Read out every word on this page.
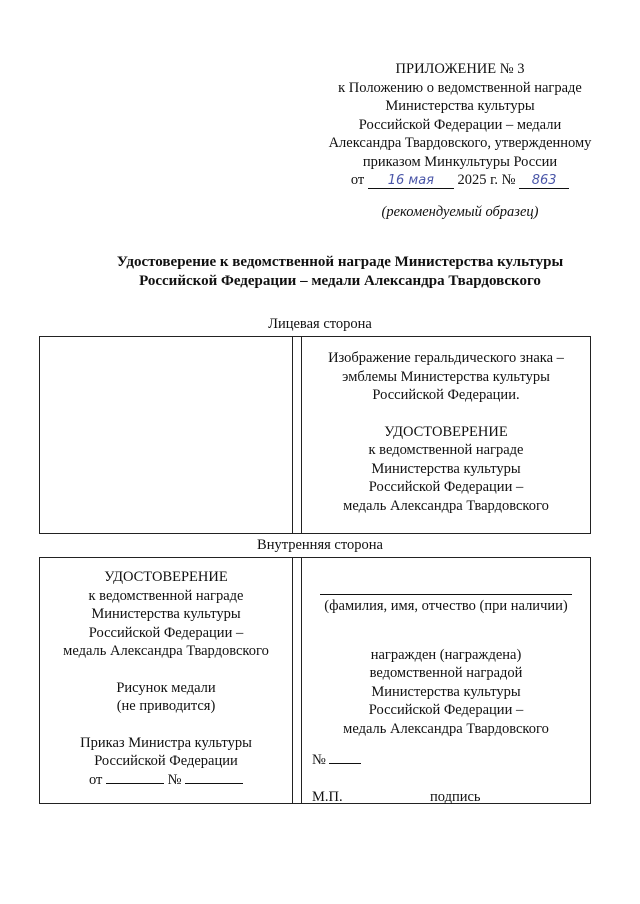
ПРИЛОЖЕНИЕ № 3
к Положению о ведомственной награде
Министерства культуры
Российской Федерации – медали
Александра Твардовского, утвержденному
приказом Минкультуры России
от 16 мая 2025 г. № 863
(рекомендуемый образец)
Удостоверение к ведомственной награде Министерства культуры
Российской Федерации – медали Александра Твардовского
Лицевая сторона
Изображение геральдического знака –
эмблемы Министерства культуры
Российской Федерации.
УДОСТОВЕРЕНИЕ
к ведомственной награде
Министерства культуры
Российской Федерации –
медаль Александра Твардовского
Внутренняя сторона
УДОСТОВЕРЕНИЕ
к ведомственной награде
Министерства культуры
Российской Федерации –
медаль Александра Твардовского
Рисунок медали
(не приводится)
Приказ Министра культуры
Российской Федерации
от	№
(фамилия, имя, отчество (при наличии)
награжден (награждена)
ведомственной наградой
Министерства культуры
Российской Федерации –
медаль Александра Твардовского
№
М.П.	подпись
